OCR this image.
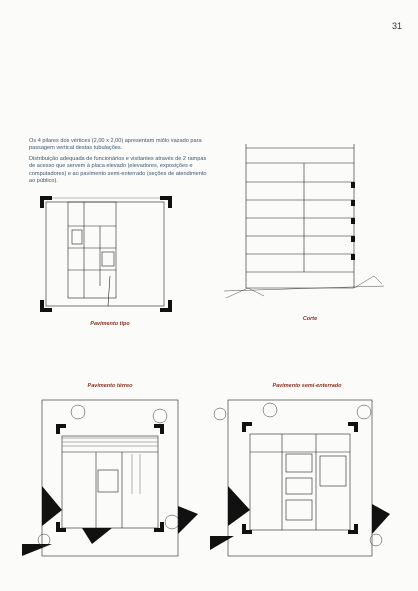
31

Os 4 pilares dos vértices (2,00 x 2,00) apresentam miôlo vazado para passagem vertical destas tubulações.

Distribuição adequada de funcionários e visitantes através de 2 rampas de acesso que servem à placa elevado (elevadores, exposições e computadores) e ao pavimento semi-enterrado (seções de atendimento ao público).

Pavimento tipo
Corte
Pavimento térreo	Pavimento semi-enterrado
